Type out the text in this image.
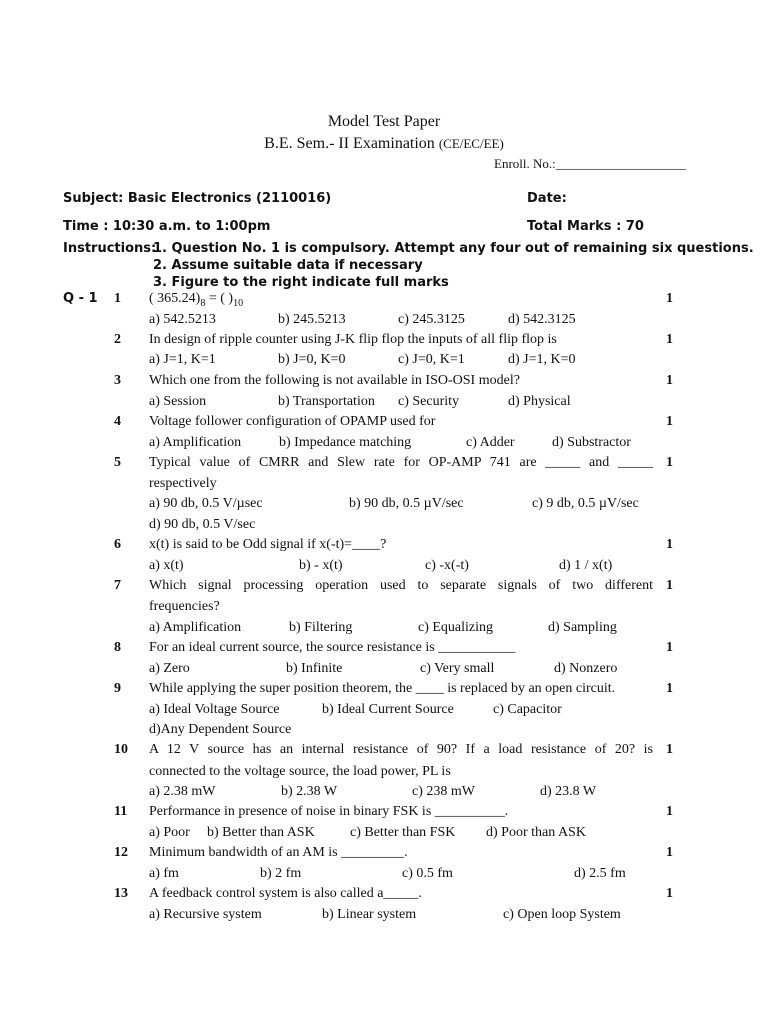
Model Test Paper
B.E. Sem.- II Examination (CE/EC/EE)
Enroll. No.:____________________
Subject: Basic Electronics (2110016)	Date:
Time : 10:30 a.m. to 1:00pm	Total Marks : 70
Instructions:
1. Question No. 1 is compulsory. Attempt any four out of remaining six questions.
2. Assume suitable data if necessary
3. Figure to the right indicate full marks
Q - 1 1 ( $365.24)_8$ = ( )$_{10}$	1
a) 542.5213	b) 245.5213	c) 245.3125	d) 542.3125
2 In design of ripple counter using J-K flip flop the inputs of all flip flop is	1
a) J=1, K=1	b) J=0, K=0	c) J=0, K=1	d) J=1, K=0
3 Which one from the following is not available in ISO-OSI model?	1
a) Session	b) Transportation c) Security	d) Physical
4 Voltage follower configuration of OPAMP used for	1
a) Amplification	b) Impedance matching	c) Adder	d) Substractor
5 Typical value of CMRR and Slew rate for OP-AMP 741 are _____ and _____ 1
respectively
a) 90 db, 0.5 V/µsec	b) 90 db, 0.5 µV/sec	c) 9 db, 0.5 µV/sec
d) 90 db, 0.5 V/sec
6 x(t) is said to be Odd signal if x(-t)=____?	1
a) x(t)	b) - x(t)	c) -x(-t)	d) 1 / x(t)
7 Which signal processing operation used to separate signals of two different 1
frequencies?
a) Amplification	b) Filtering	c) Equalizing	d) Sampling
8 For an ideal current source, the source resistance is ___________	1
a) Zero	b) Infinite	c) Very small	d) Nonzero
9 While applying the super position theorem, the ____ is replaced by an open circuit.	1
a) Ideal Voltage Source	b) Ideal Current Source	c) Capacitor
d)Any Dependent Source
10 A 12 V source has an internal resistance of 90? If a load resistance of 20? is 1
connected to the voltage source, the load power, PL is
a) 2.38 mW	b) 2.38 W	c) 238 mW	d) 23.8 W
11 Performance in presence of noise in binary FSK is __________.	1
a) Poor b) Better than ASK	c) Better than FSK d) Poor than ASK
12 Minimum bandwidth of an AM is _________.	1
a) fm	b) 2 fm	c) 0.5 fm	d) 2.5 fm
13 A feedback control system is also called a_____.	1
a) Recursive system	b) Linear system	c) Open loop System
